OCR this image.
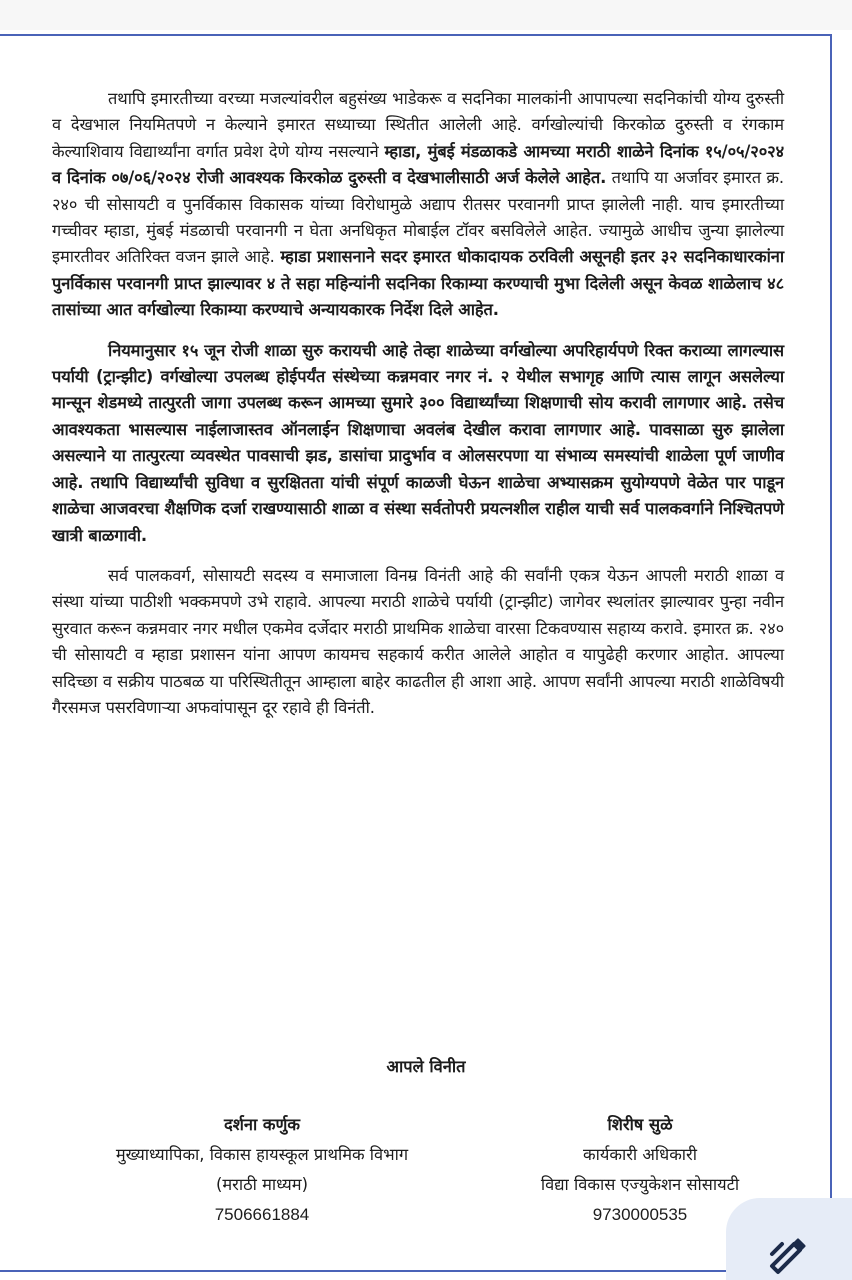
तथापि इमारतीच्या वरच्या मजल्यांवरील बहुसंख्य भाडेकरू व सदनिका मालकांनी आपापल्या सदनिकांची योग्य दुरुस्ती व देखभाल नियमितपणे न केल्याने इमारत सध्याच्या स्थितीत आलेली आहे. वर्गखोल्यांची किरकोळ दुरुस्ती व रंगकाम केल्याशिवाय विद्यार्थ्यांना वर्गात प्रवेश देणे योग्य नसल्याने म्हाडा, मुंबई मंडळाकडे आमच्या मराठी शाळेने दिनांक १५/०५/२०२४ व दिनांक ०७/०६/२०२४ रोजी आवश्यक किरकोळ दुरुस्ती व देखभालीसाठी अर्ज केलेले आहेत. तथापि या अर्जावर इमारत क्र. २४० ची सोसायटी व पुनर्विकास विकासक यांच्या विरोधामुळे अद्याप रीतसर परवानगी प्राप्त झालेली नाही. याच इमारतीच्या गच्चीवर म्हाडा, मुंबई मंडळाची परवानगी न घेता अनधिकृत मोबाईल टॉवर बसविलेले आहेत. ज्यामुळे आधीच जुन्या झालेल्या इमारतीवर अतिरिक्त वजन झाले आहे. म्हाडा प्रशासनाने सदर इमारत धोकादायक ठरविली असूनही इतर ३२ सदनिकाधारकांना पुनर्विकास परवानगी प्राप्त झाल्यावर ४ ते सहा महिन्यांनी सदनिका रिकाम्या करण्याची मुभा दिलेली असून केवळ शाळेलाच ४८ तासांच्या आत वर्गखोल्या रिकाम्या करण्याचे अन्यायकारक निर्देश दिले आहेत.

नियमानुसार १५ जून रोजी शाळा सुरु करायची आहे तेव्हा शाळेच्या वर्गखोल्या अपरिहार्यपणे रिक्त कराव्या लागल्यास पर्यायी (ट्रान्झीट) वर्गखोल्या उपलब्ध होईपर्यंत संस्थेच्या कन्नमवार नगर नं. २ येथील सभागृह आणि त्यास लागून असलेल्या मान्सून शेडमध्ये तात्पुरती जागा उपलब्ध करून आमच्या सुमारे ३०० विद्यार्थ्यांच्या शिक्षणाची सोय करावी लागणार आहे. तसेच आवश्यकता भासल्यास नाईलाजास्तव ऑनलाईन शिक्षणाचा अवलंब देखील करावा लागणार आहे. पावसाळा सुरु झालेला असल्याने या तात्पुरत्या व्यवस्थेत पावसाची झड, डासांचा प्रादुर्भाव व ओलसरपणा या संभाव्य समस्यांची शाळेला पूर्ण जाणीव आहे. तथापि विद्यार्थ्यांची सुविधा व सुरक्षितता यांची संपूर्ण काळजी घेऊन शाळेचा अभ्यासक्रम सुयोग्यपणे वेळेत पार पाडून शाळेचा आजवरचा शैक्षणिक दर्जा राखण्यासाठी शाळा व संस्था सर्वतोपरी प्रयत्नशील राहील याची सर्व पालकवर्गाने निश्चितपणे खात्री बाळगावी.

सर्व पालकवर्ग, सोसायटी सदस्य व समाजाला विनम्र विनंती आहे की सर्वांनी एकत्र येऊन आपली मराठी शाळा व संस्था यांच्या पाठीशी भक्कमपणे उभे राहावे. आपल्या मराठी शाळेचे पर्यायी (ट्रान्झीट) जागेवर स्थलांतर झाल्यावर पुन्हा नवीन सुरवात करून कन्नमवार नगर मधील एकमेव दर्जेदार मराठी प्राथमिक शाळेचा वारसा टिकवण्यास सहाय्य करावे. इमारत क्र. २४० ची सोसायटी व म्हाडा प्रशासन यांना आपण कायमच सहकार्य करीत आलेले आहोत व यापुढेही करणार आहोत. आपल्या सदिच्छा व सक्रीय पाठबळ या परिस्थितीतून आम्हाला बाहेर काढतील ही आशा आहे. आपण सर्वांनी आपल्या मराठी शाळेविषयी गैरसमज पसरविणाऱ्या अफवांपासून दूर रहावे ही विनंती.

आपले विनीत
दर्शना कर्णुक
मुख्याध्यापिका, विकास हायस्कूल प्राथमिक विभाग
(मराठी माध्यम)
7506661884
शिरीष सुळे
कार्यकारी अधिकारी
विद्या विकास एज्युकेशन सोसायटी
9730000535
